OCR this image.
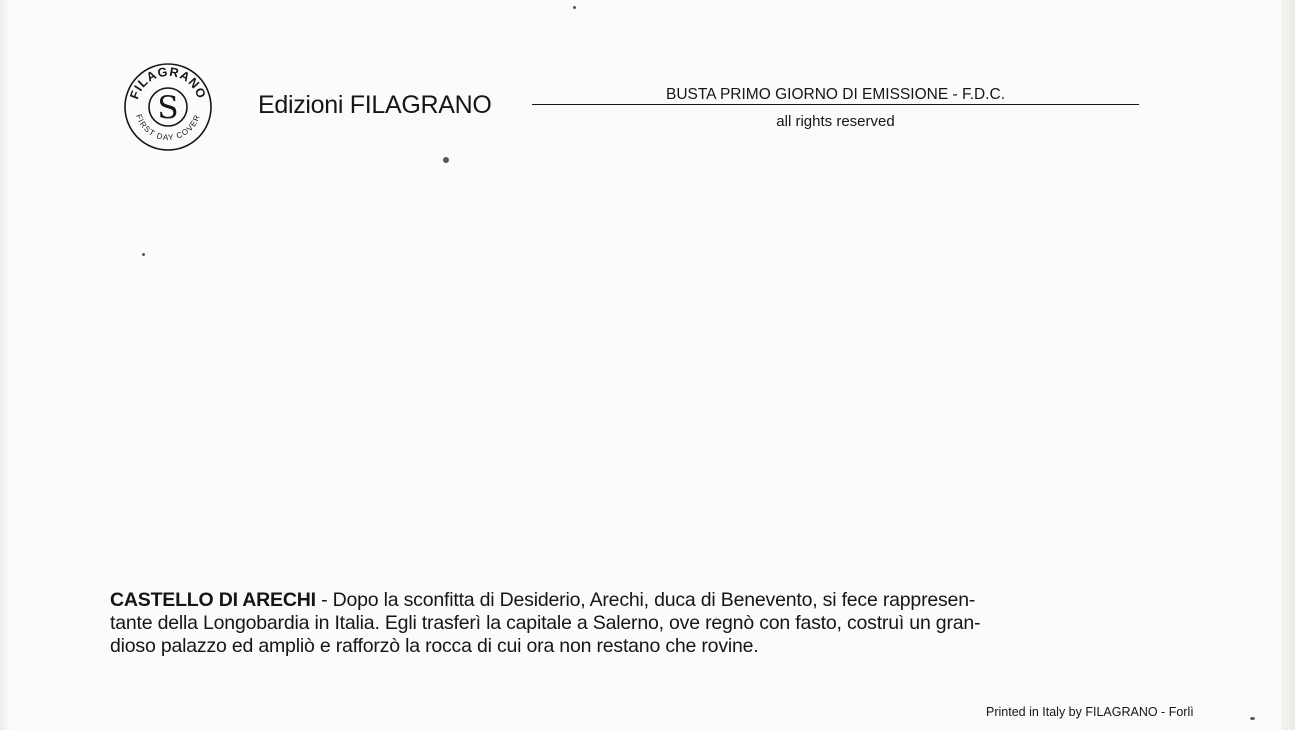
S
FILAGRANO
FIRST DAY COVER Edizioni FILAGRANO	BUSTA PRIMO GIORNO DI EMISSIONE - F.D.C.
all rights reserved
CASTELLO DI ARECHI - Dopo la sconfitta di Desiderio, Arechi, duca di Benevento, si fece rappresen-
tante della Longobardia in Italia. Egli trasferì la capitale a Salerno, ove regnò con fasto, costruì un gran-
dioso palazzo ed ampliò e rafforzò la rocca di cui ora non restano che rovine.
Printed in Italy by FILAGRANO - Forlì
